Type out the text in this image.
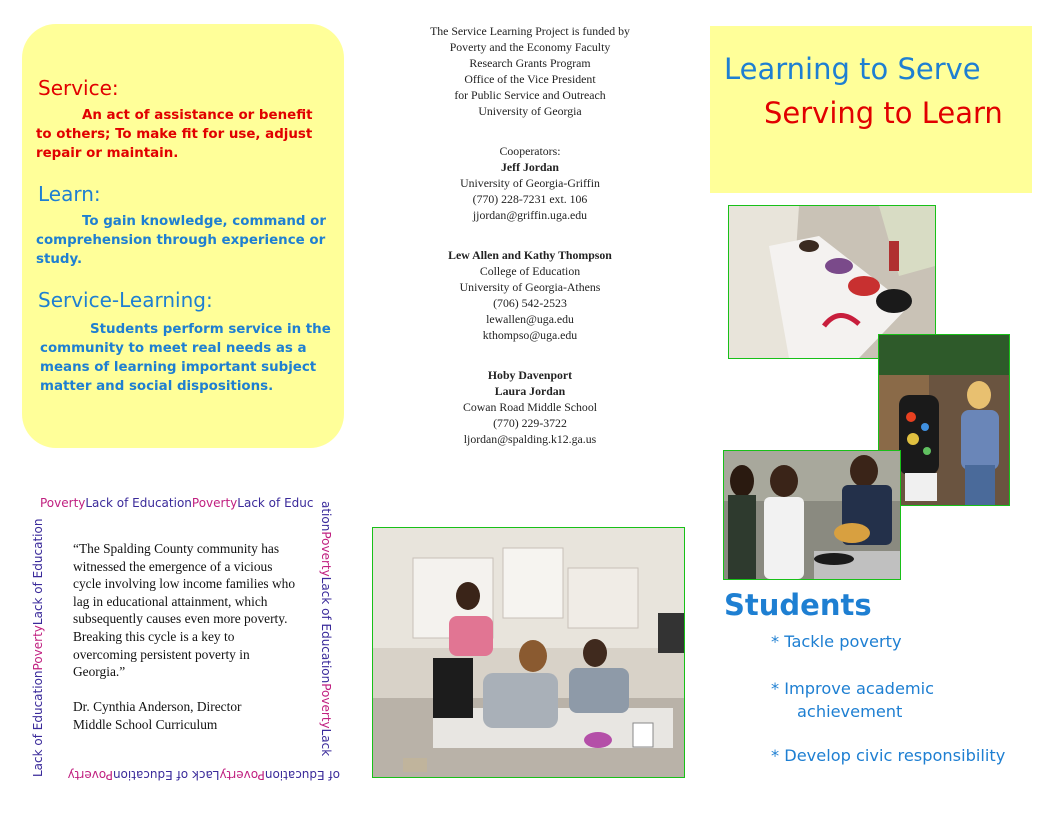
Service:
An act of assistance or benefit to others; To make fit for use, adjust repair or maintain.
Learn:
To gain knowledge, command or comprehension through experience or study.
Service-Learning:
Students perform service in the community to meet real needs as a means of learning important subject matter and social dispositions.
PovertyLack of EducationPovertyLack of Educ ationPovertyLack of EducationPovertyLack
of EducationPovertyLack of EducationPoverty
Lack of EducationPovertyLack of Education “The Spalding County community has witnessed the emergence of a vicious cycle involving low income families who lag in educational attainment, which subsequently causes even more poverty. Breaking this cycle is a key to overcoming persistent poverty in Georgia.”
Dr. Cynthia Anderson, Director
Middle School Curriculum
The Service Learning Project is funded by
Poverty and the Economy Faculty
Research Grants Program
Office of the Vice President
for Public Service and Outreach
University of Georgia
Cooperators:
Jeff Jordan
University of Georgia-Griffin
(770) 228-7231 ext. 106
jjordan@griffin.uga.edu
Lew Allen and Kathy Thompson
College of Education
University of Georgia-Athens
(706) 542-2523
lewallen@uga.edu
kthompso@uga.edu
Hoby Davenport
Laura Jordan
Cowan Road Middle School
(770) 229-3722
ljordan@spalding.k12.ga.us
Learning to Serve
Serving to Learn
Students
* Tackle poverty
* Improve academic
achievement
* Develop civic responsibility
